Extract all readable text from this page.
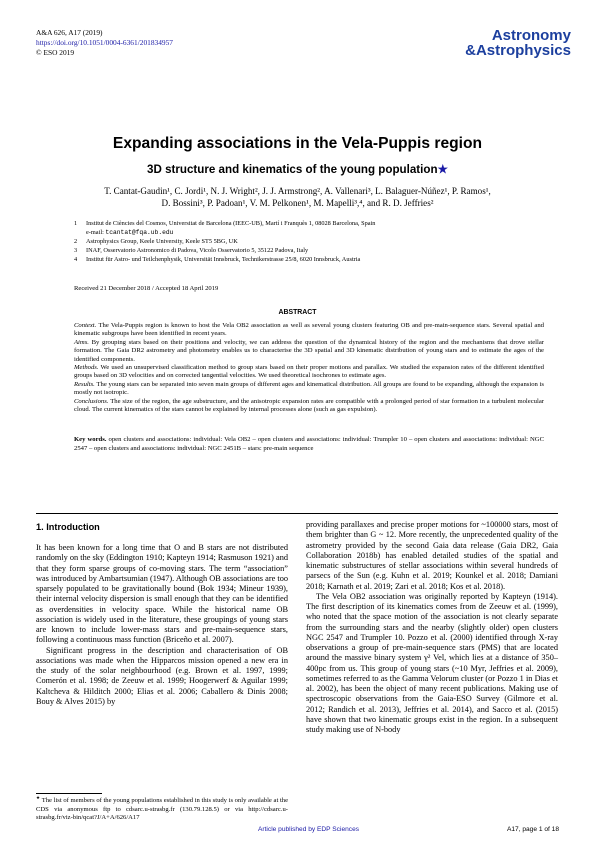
A&A 626, A17 (2019)
https://doi.org/10.1051/0004-6361/201834957
© ESO 2019
Astronomy
&Astrophysics
Expanding associations in the Vela-Puppis region
3D structure and kinematics of the young population★
T. Cantat-Gaudin¹, C. Jordi¹, N. J. Wright², J. J. Armstrong², A. Vallenari³, L. Balaguer-Núñez¹, P. Ramos¹,
D. Bossini³, P. Padoan¹, V. M. Pelkonen¹, M. Mapelli³,⁴, and R. D. Jeffries²
1 Institut de Ciències del Cosmos, Universitat de Barcelona (IEEC-UB), Martí i Franquès 1, 08028 Barcelona, Spain
e-mail: tcantat@fqa.ub.edu
2 Astrophysics Group, Keele University, Keele ST5 5BG, UK
3 INAF, Osservatorio Astronomico di Padova, Vicolo Osservatorio 5, 35122 Padova, Italy
4 Institut für Astro- und Teilchenphysik, Universität Innsbruck, Technikerstrasse 25/8, 6020 Innsbruck, Austria
Received 21 December 2018 / Accepted 18 April 2019
ABSTRACT

Context. The Vela-Puppis region is known to host the Vela OB2 association as well as several young clusters featuring OB and pre-main-sequence stars. Several spatial and kinematic subgroups have been identified in recent years.

Aims. By grouping stars based on their positions and velocity, we can address the question of the dynamical history of the region and the mechanisms that drove stellar formation. The Gaia DR2 astrometry and photometry enables us to characterise the 3D spatial and 3D kinematic distribution of young stars and to estimate the ages of the identified components.

Methods. We used an unsupervised classification method to group stars based on their proper motions and parallax. We studied the expansion rates of the different identified groups based on 3D velocities and on corrected tangential velocities. We used theoretical isochrones to estimate ages.

Results. The young stars can be separated into seven main groups of different ages and kinematical distribution. All groups are found to be expanding, although the expansion is mostly not isotropic.

Conclusions. The size of the region, the age substructure, and the anisotropic expansion rates are compatible with a prolonged period of star formation in a turbulent molecular cloud. The current kinematics of the stars cannot be explained by internal processes alone (such as gas expulsion).

Key words. open clusters and associations: individual: Vela OB2 – open clusters and associations: individual: Trumpler 10 – open clusters and associations: individual: NGC 2547 – open clusters and associations: individual: NGC 2451B – stars: pre-main sequence
1. Introduction

It has been known for a long time that O and B stars are not distributed randomly on the sky (Eddington 1910; Kapteyn 1914; Rasmuson 1921) and that they form sparse groups of co-moving stars. The term “association” was introduced by Ambartsumian (1947). Although OB associations are too sparsely populated to be gravitationally bound (Bok 1934; Mineur 1939), their internal velocity dispersion is small enough that they can be identified as overdensities in velocity space. While the historical name OB association is widely used in the literature, these groupings of young stars are known to include lower-mass stars and pre-main-sequence stars, following a continuous mass function (Briceño et al. 2007).

Significant progress in the description and characterisation of OB associations was made when the Hipparcos mission opened a new era in the study of the solar neighbourhood (e.g. Brown et al. 1997, 1999; Comerón et al. 1998; de Zeeuw et al. 1999; Hoogerwerf & Aguilar 1999; Kaltcheva & Hilditch 2000; Elias et al. 2006; Caballero & Dinis 2008; Bouy & Alves 2015) by

providing parallaxes and precise proper motions for ~100000 stars, most of them brighter than G ~ 12. More recently, the unprecedented quality of the astrometry provided by the second Gaia data release (Gaia DR2, Gaia Collaboration 2018b) has enabled detailed studies of the spatial and kinematic substructures of stellar associations within several hundreds of parsecs of the Sun (e.g. Kuhn et al. 2019; Kounkel et al. 2018; Damiani 2018; Karnath et al. 2019; Zari et al. 2018; Kos et al. 2018).

The Vela OB2 association was originally reported by Kapteyn (1914). The first description of its kinematics comes from de Zeeuw et al. (1999), who noted that the space motion of the association is not clearly separate from the surrounding stars and the nearby (slightly older) open clusters NGC 2547 and Trumpler 10. Pozzo et al. (2000) identified through X-ray observations a group of pre-main-sequence stars (PMS) that are located around the massive binary system γ² Vel, which lies at a distance of 350–400pc from us. This group of young stars (~10 Myr, Jeffries et al. 2009), sometimes referred to as the Gamma Velorum cluster (or Pozzo 1 in Dias et al. 2002), has been the object of many recent publications. Making use of spectroscopic observations from the Gaia-ESO Survey (Gilmore et al. 2012; Randich et al. 2013), Jeffries et al. 2014), and Sacco et al. (2015) have shown that two kinematic groups exist in the region. In a subsequent study making use of N-body

★ The list of members of the young populations established in this study is only available at the CDS via anonymous ftp to cdsarc.u-strasbg.fr (130.79.128.5) or via http://cdsarc.u-strasbg.fr/viz-bin/qcat?J/A+A/626/A17
Article published by EDP Sciences	A17, page 1 of 18
